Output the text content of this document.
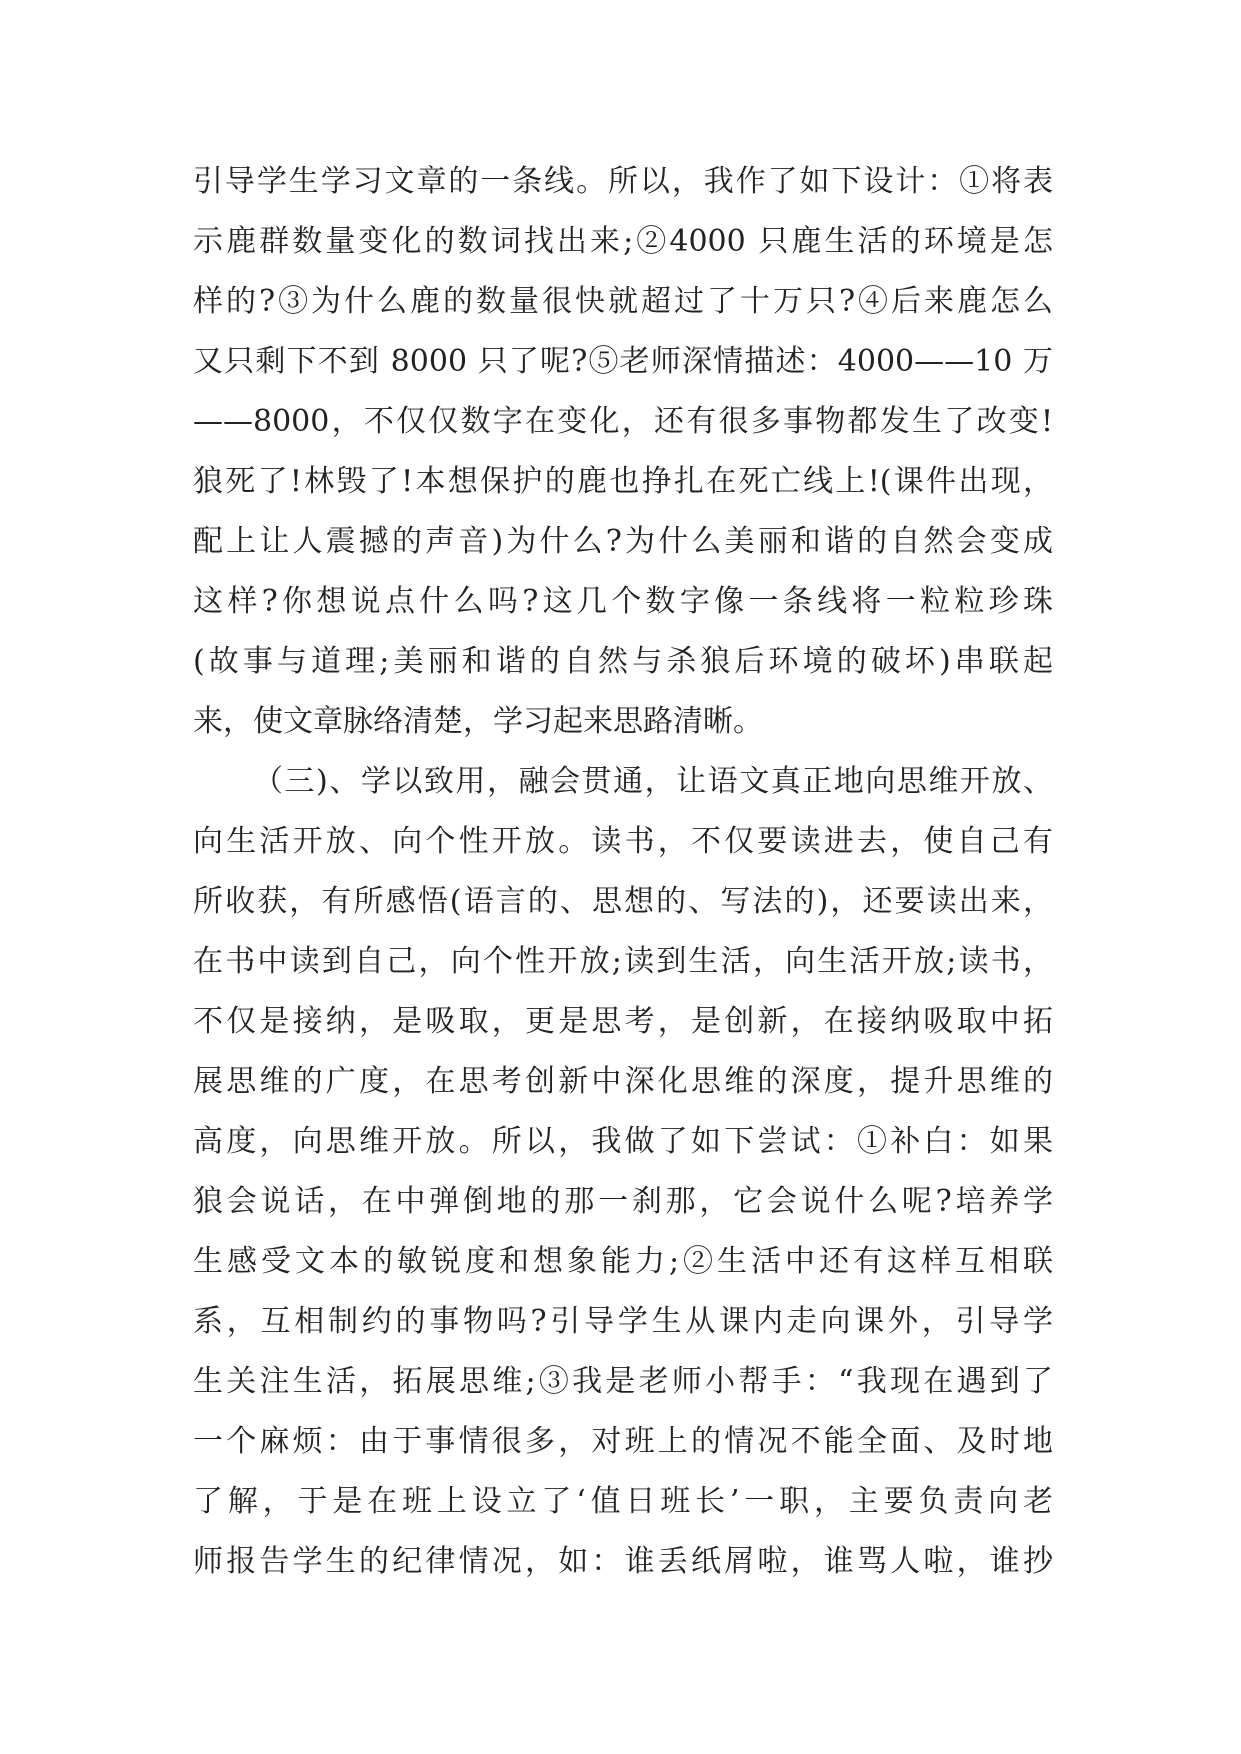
引导学生学习文章的一条线。所以，我作了如下设计：①将表
示鹿群数量变化的数词找出来;②4000 只鹿生活的环境是怎
样的?③为什么鹿的数量很快就超过了十万只?④后来鹿怎么
又只剩下不到 8000 只了呢?⑤老师深情描述：4000——10 万
——8000，不仅仅数字在变化，还有很多事物都发生了改变!
狼死了!林毁了!本想保护的鹿也挣扎在死亡线上!(课件出现，
配上让人震撼的声音)为什么?为什么美丽和谐的自然会变成
这样?你想说点什么吗?这几个数字像一条线将一粒粒珍珠
(故事与道理;美丽和谐的自然与杀狼后环境的破坏)串联起
来，使文章脉络清楚，学习起来思路清晰。
（三)、学以致用，融会贯通，让语文真正地向思维开放、
向生活开放、向个性开放。读书，不仅要读进去，使自己有
所收获，有所感悟(语言的、思想的、写法的)，还要读出来，
在书中读到自己，向个性开放;读到生活，向生活开放;读书，
不仅是接纳，是吸取，更是思考，是创新，在接纳吸取中拓
展思维的广度，在思考创新中深化思维的深度，提升思维的
高度，向思维开放。所以，我做了如下尝试：①补白：如果
狼会说话，在中弹倒地的那一刹那，它会说什么呢?培养学
生感受文本的敏锐度和想象能力;②生活中还有这样互相联
系，互相制约的事物吗?引导学生从课内走向课外，引导学
生关注生活，拓展思维;③我是老师小帮手：“我现在遇到了
一个麻烦：由于事情很多，对班上的情况不能全面、及时地
了解，于是在班上设立了‘值日班长’一职，主要负责向老
师报告学生的纪律情况，如：谁丢纸屑啦，谁骂人啦，谁抄
